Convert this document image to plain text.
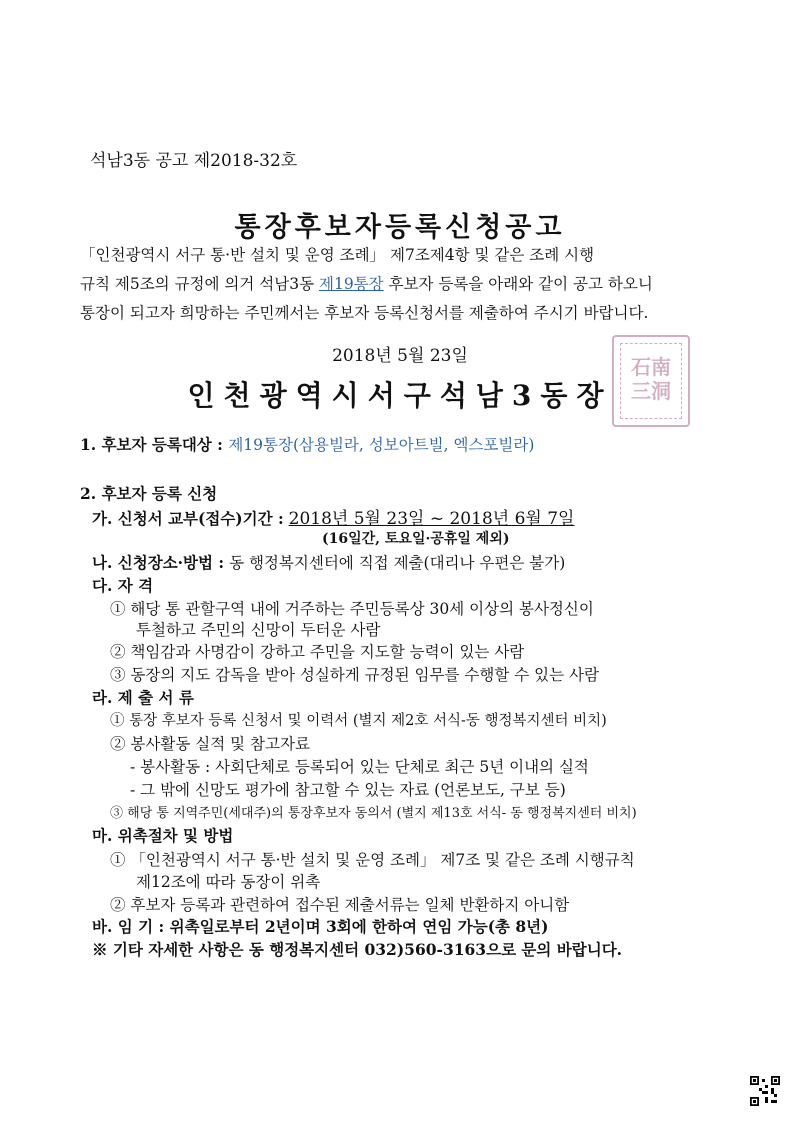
석남3동 공고 제2018-32호
통장후보자등록신청공고
「인천광역시 서구 통·반 설치 및 운영 조례」 제7조제4항 및 같은 조례 시행
규칙 제5조의 규정에 의거 석남3동 제19통장 후보자 등록을 아래와 같이 공고 하오니
통장이 되고자 희망하는 주민께서는 후보자 등록신청서를 제출하여 주시기 바랍니다.
2018년 5월 23일
인천광역시서구석남3동장
石南
三洞
1. 후보자 등록대상 : 제19통장(삼용빌라, 성보아트빌, 엑스포빌라)
2. 후보자 등록 신청
가. 신청서 교부(접수)기간 : 2018년 5월 23일 ~ 2018년 6월 7일
(16일간, 토요일·공휴일 제외)
나. 신청장소·방법 : 동 행정복지센터에 직접 제출(대리나 우편은 불가)
다. 자 격
① 해당 통 관할구역 내에 거주하는 주민등록상 30세 이상의 봉사정신이
투철하고 주민의 신망이 두터운 사람
② 책임감과 사명감이 강하고 주민을 지도할 능력이 있는 사람
③ 동장의 지도 감독을 받아 성실하게 규정된 임무를 수행할 수 있는 사람
라. 제 출 서 류
① 통장 후보자 등록 신청서 및 이력서 (별지 제2호 서식-동 행정복지센터 비치)
② 봉사활동 실적 및 참고자료
- 봉사활동 : 사회단체로 등록되어 있는 단체로 최근 5년 이내의 실적
- 그 밖에 신망도 평가에 참고할 수 있는 자료 (언론보도, 구보 등)
③ 해당 통 지역주민(세대주)의 통장후보자 동의서 (별지 제13호 서식- 동 행정복지센터 비치)
마. 위촉절차 및 방법
① 「인천광역시 서구 통·반 설치 및 운영 조례」 제7조 및 같은 조례 시행규칙
제12조에 따라 동장이 위촉
② 후보자 등록과 관련하여 접수된 제출서류는 일체 반환하지 아니함
바. 임 기 : 위촉일로부터 2년이며 3회에 한하여 연임 가능(총 8년)
※ 기타 자세한 사항은 동 행정복지센터 032)560-3163으로 문의 바랍니다.
